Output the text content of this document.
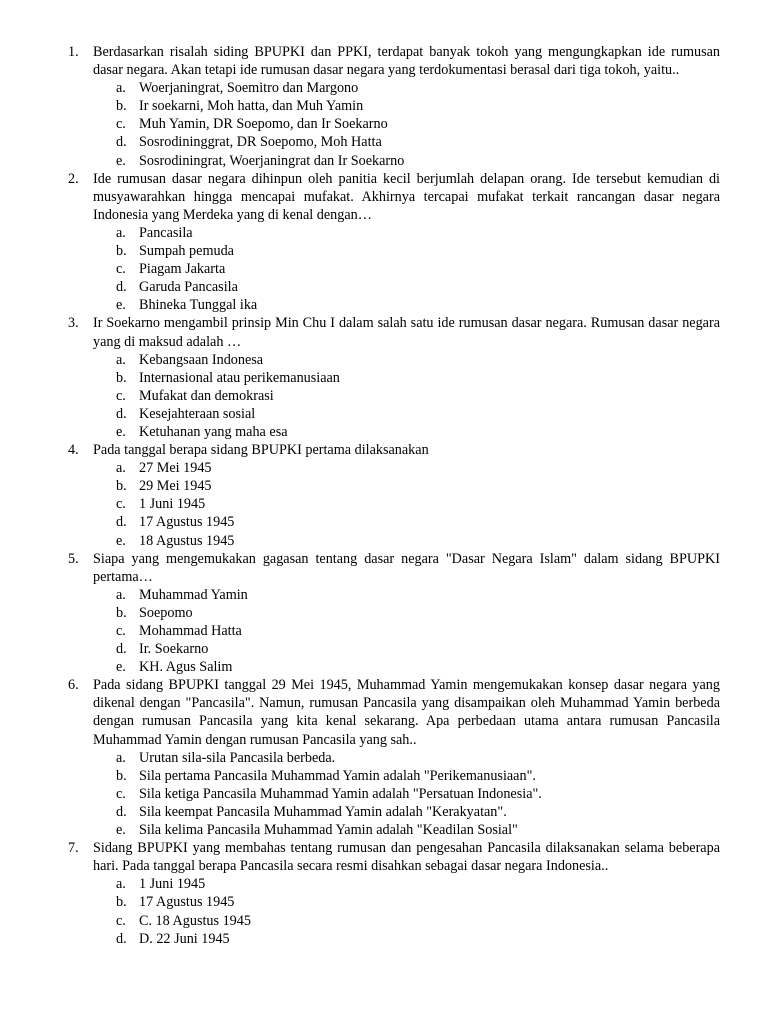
1.	Berdasarkan risalah siding BPUPKI dan PPKI, terdapat banyak tokoh yang mengungkapkan ide rumusan dasar negara. Akan tetapi ide rumusan dasar negara yang terdokumentasi berasal dari tiga tokoh, yaitu..
a. Woerjaningrat, Soemitro dan Margono
b. Ir soekarni, Moh hatta, dan Muh Yamin
c. Muh Yamin, DR Soepomo, dan Ir Soekarno
d. Sosrodininggrat, DR Soepomo, Moh Hatta
e. Sosrodiningrat, Woerjaningrat dan Ir Soekarno
2.	Ide rumusan dasar negara dihinpun oleh panitia kecil berjumlah delapan orang. Ide tersebut kemudian di musyawarahkan hingga mencapai mufakat. Akhirnya tercapai mufakat terkait rancangan dasar negara Indonesia yang Merdeka yang di kenal dengan…
a. Pancasila
b. Sumpah pemuda
c. Piagam Jakarta
d. Garuda Pancasila
e. Bhineka Tunggal ika
3.	Ir Soekarno mengambil prinsip Min Chu I dalam salah satu ide rumusan dasar negara. Rumusan dasar negara yang di maksud adalah …
a. Kebangsaan Indonesa
b. Internasional atau perikemanusiaan
c. Mufakat dan demokrasi
d. Kesejahteraan sosial
e. Ketuhanan yang maha esa
4.	Pada tanggal berapa sidang BPUPKI pertama dilaksanakan
a. 27 Mei 1945
b. 29 Mei 1945
c. 1 Juni 1945
d. 17 Agustus 1945
e. 18 Agustus 1945
5.	Siapa yang mengemukakan gagasan tentang dasar negara "Dasar Negara Islam" dalam sidang BPUPKI pertama…
a. Muhammad Yamin
b. Soepomo
c. Mohammad Hatta
d. Ir. Soekarno
e. KH. Agus Salim
6.	Pada sidang BPUPKI tanggal 29 Mei 1945, Muhammad Yamin mengemukakan konsep dasar negara yang dikenal dengan "Pancasila". Namun, rumusan Pancasila yang disampaikan oleh Muhammad Yamin berbeda dengan rumusan Pancasila yang kita kenal sekarang. Apa perbedaan utama antara rumusan Pancasila Muhammad Yamin dengan rumusan Pancasila yang sah..
a. Urutan sila-sila Pancasila berbeda.
b. Sila pertama Pancasila Muhammad Yamin adalah "Perikemanusiaan".
c. Sila ketiga Pancasila Muhammad Yamin adalah "Persatuan Indonesia".
d. Sila keempat Pancasila Muhammad Yamin adalah "Kerakyatan".
e. Sila kelima Pancasila Muhammad Yamin adalah "Keadilan Sosial"
7.	Sidang BPUPKI yang membahas tentang rumusan dan pengesahan Pancasila dilaksanakan selama beberapa hari. Pada tanggal berapa Pancasila secara resmi disahkan sebagai dasar negara Indonesia..
a. 1 Juni 1945
b. 17 Agustus 1945
c. C. 18 Agustus 1945
d. D. 22 Juni 1945
